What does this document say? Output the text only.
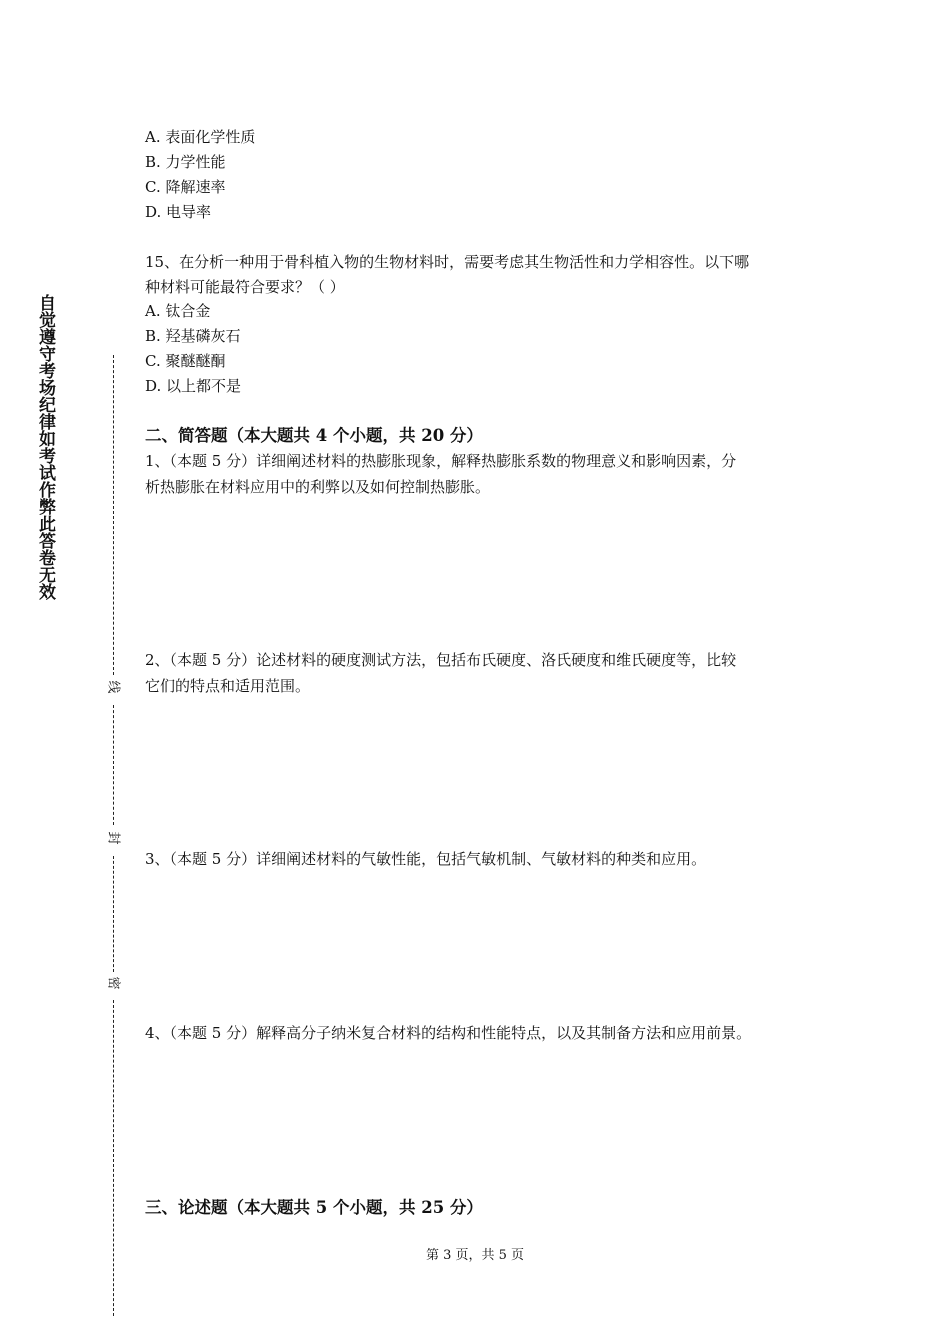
自觉遵守考场纪律如考试作弊此答卷无效
线
封
密
A. 表面化学性质
B. 力学性能
C. 降解速率
D. 电导率
15、在分析一种用于骨科植入物的生物材料时，需要考虑其生物活性和力学相容性。以下哪
种材料可能最符合要求？（ ）
A. 钛合金
B. 羟基磷灰石
C. 聚醚醚酮
D. 以上都不是
二、简答题（本大题共 4 个小题，共 20 分）
1、（本题 5 分）详细阐述材料的热膨胀现象，解释热膨胀系数的物理意义和影响因素，分
析热膨胀在材料应用中的利弊以及如何控制热膨胀。
2、（本题 5 分）论述材料的硬度测试方法，包括布氏硬度、洛氏硬度和维氏硬度等，比较
它们的特点和适用范围。
3、（本题 5 分）详细阐述材料的气敏性能，包括气敏机制、气敏材料的种类和应用。
4、（本题 5 分）解释高分子纳米复合材料的结构和性能特点，以及其制备方法和应用前景。
三、论述题（本大题共 5 个小题，共 25 分）
第 3 页，共 5 页
